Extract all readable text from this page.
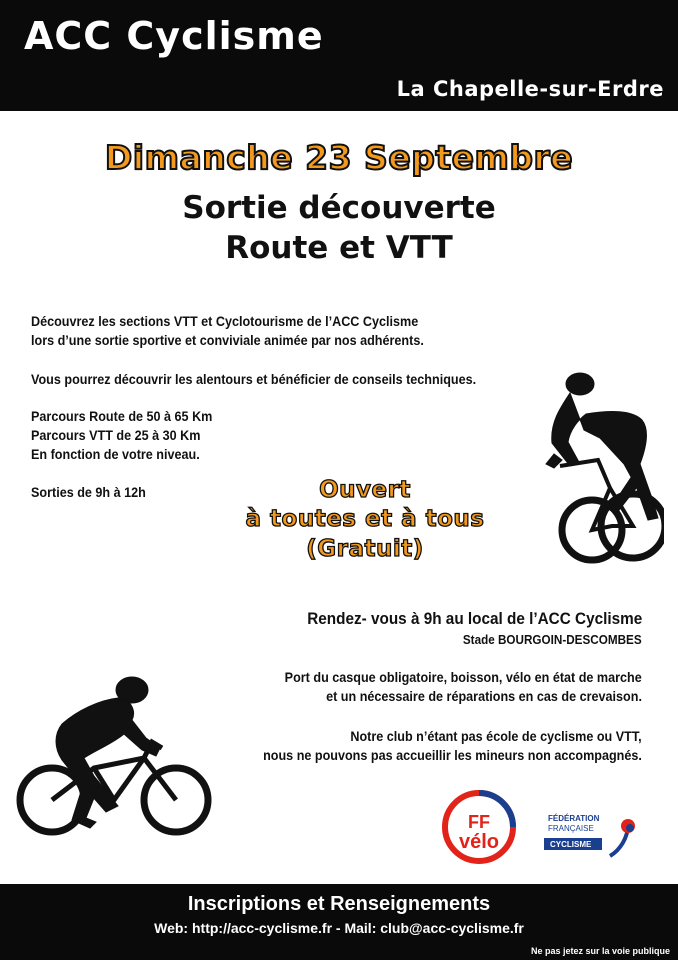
ACC Cyclisme
La Chapelle-sur-Erdre
Dimanche 23 Septembre
Sortie découverte
Route et VTT
Découvrez les sections VTT et Cyclotourisme de l’ACC Cyclisme
lors d’une sortie sportive et conviviale animée par nos adhérents.
Vous pourrez découvrir les alentours et bénéficier de conseils techniques.
Parcours Route de 50 à 65 Km
Parcours VTT de 25 à 30 Km
En fonction de votre niveau.
Sorties de 9h à 12h	Ouvert
à toutes et à tous
(Gratuit)
Rendez- vous à 9h au local de l’ACC Cyclisme
Stade BOURGOIN-DESCOMBES
Port du casque obligatoire, boisson, vélo en état de marche
et un nécessaire de réparations en cas de crevaison.
Notre club n’étant pas école de cyclisme ou VTT,
nous ne pouvons pas accueillir les mineurs non accompagnés.
FF
vélo
FÉDÉRATION
FRANÇAISE
CYCLISME
Inscriptions et Renseignements
Web: http://acc-cyclisme.fr - Mail: club@acc-cyclisme.fr
Ne pas jetez sur la voie publique
